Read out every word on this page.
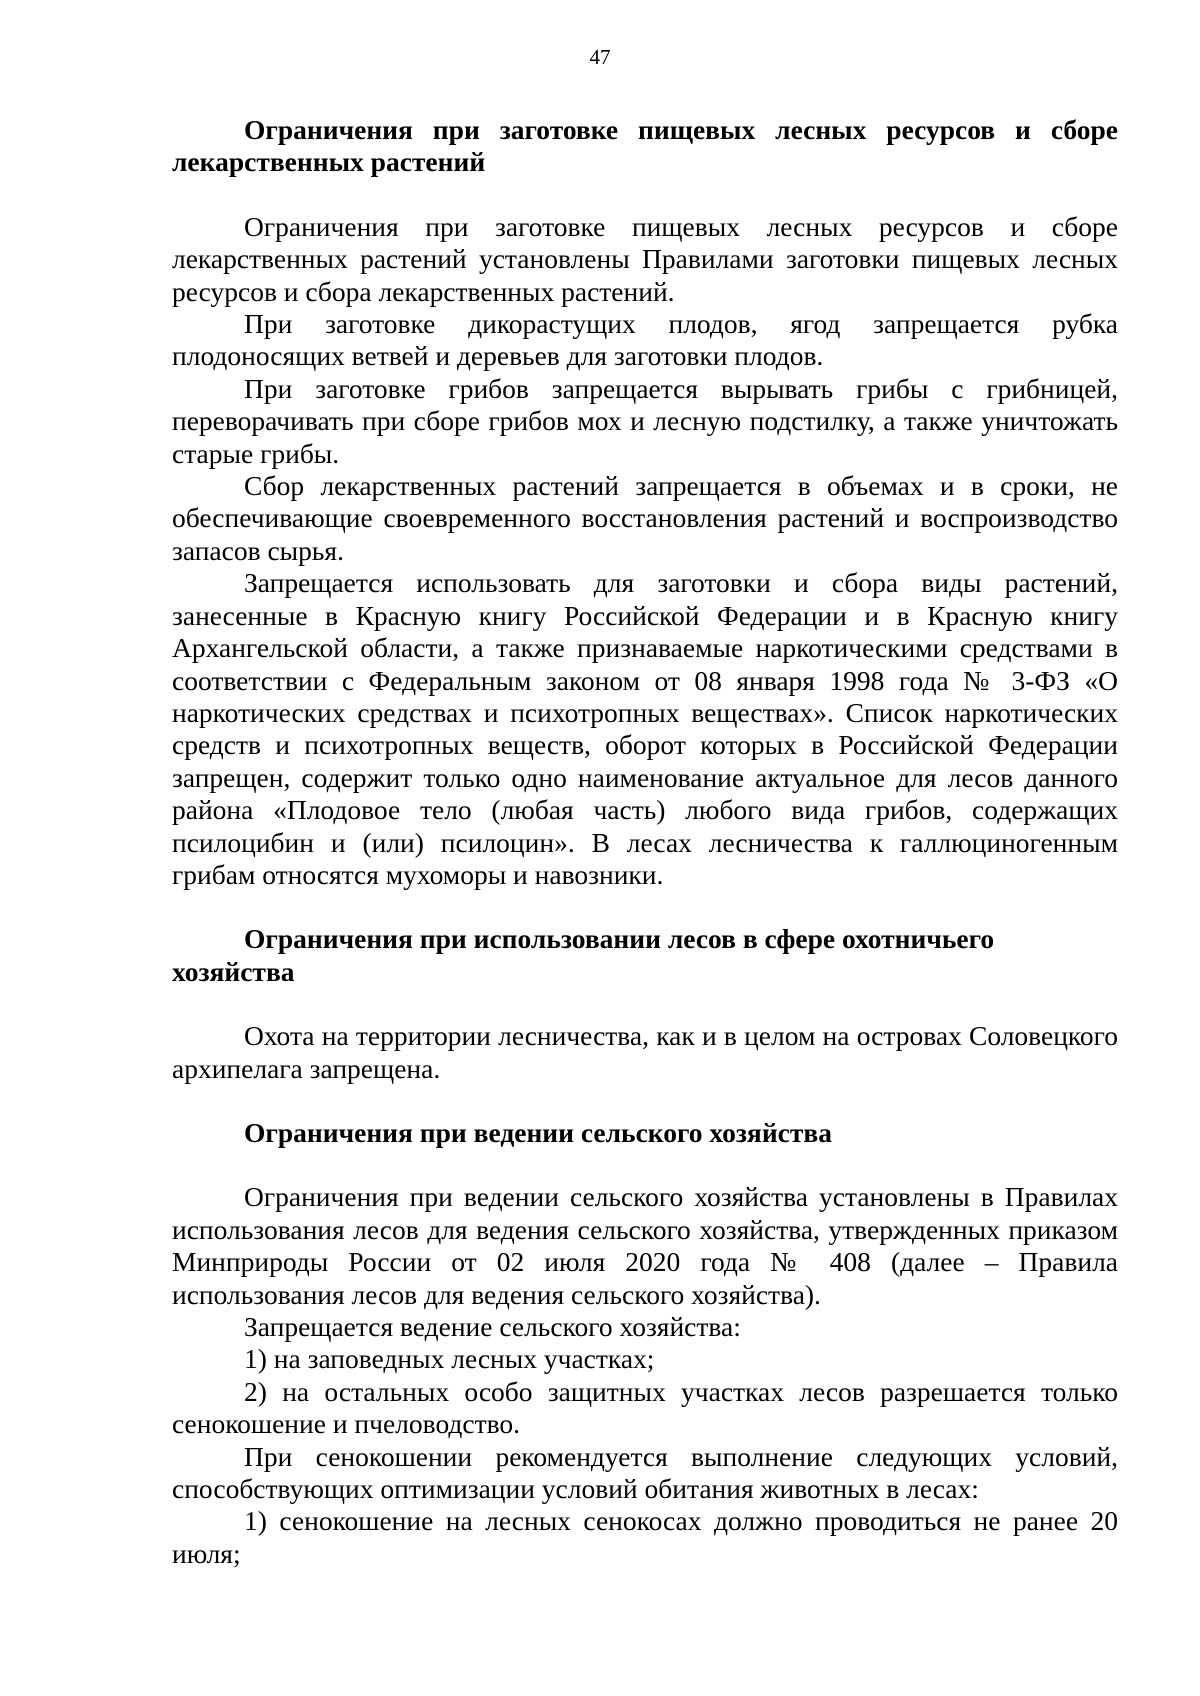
47

Ограничения при заготовке пищевых лесных ресурсов и сборе лекарственных растений

Ограничения при заготовке пищевых лесных ресурсов и сборе лекарственных растений установлены Правилами заготовки пищевых лесных ресурсов и сбора лекарственных растений.

При заготовке дикорастущих плодов, ягод запрещается рубка плодоносящих ветвей и деревьев для заготовки плодов.

При заготовке грибов запрещается вырывать грибы с грибницей, переворачивать при сборе грибов мох и лесную подстилку, а также уничтожать старые грибы.

Сбор лекарственных растений запрещается в объемах и в сроки, не обеспечивающие своевременного восстановления растений и воспроизводство запасов сырья.

Запрещается использовать для заготовки и сбора виды растений, занесенные в Красную книгу Российской Федерации и в Красную книгу Архангельской области, а также признаваемые наркотическими средствами в соответствии с Федеральным законом от 08 января 1998 года № 3-ФЗ «О наркотических средствах и психотропных веществах». Список наркотических средств и психотропных веществ, оборот которых в Российской Федерации запрещен, содержит только одно наименование актуальное для лесов данного района «Плодовое тело (любая часть) любого вида грибов, содержащих псилоцибин и (или) псилоцин». В лесах лесничества к галлюциногенным грибам относятся мухоморы и навозники.

Ограничения при использовании лесов в сфере охотничьего хозяйства

Охота на территории лесничества, как и в целом на островах Соловецкого архипелага запрещена.

Ограничения при ведении сельского хозяйства

Ограничения при ведении сельского хозяйства установлены в Правилах использования лесов для ведения сельского хозяйства, утвержденных приказом Минприроды России от 02 июля 2020 года № 408 (далее – Правила использования лесов для ведения сельского хозяйства).

Запрещается ведение сельского хозяйства:

1) на заповедных лесных участках;

2) на остальных особо защитных участках лесов разрешается только сенокошение и пчеловодство.

При сенокошении рекомендуется выполнение следующих условий, способствующих оптимизации условий обитания животных в лесах:

1) сенокошение на лесных сенокосах должно проводиться не ранее 20 июля;
